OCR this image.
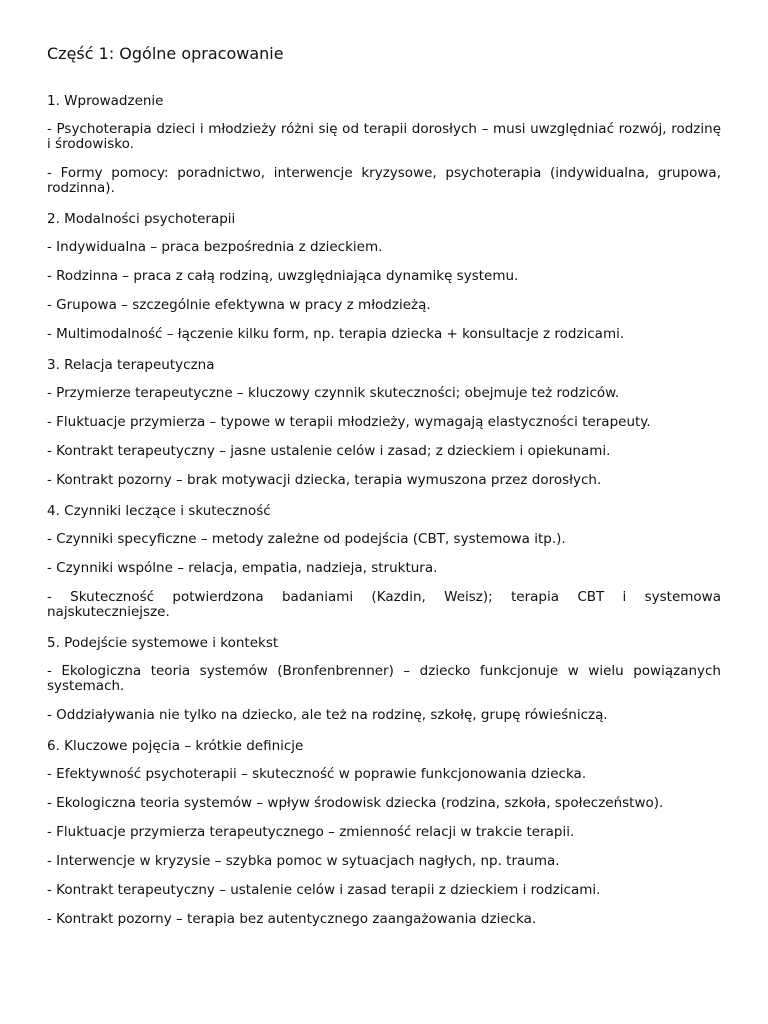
Część 1: Ogólne opracowanie
1. Wprowadzenie

- Psychoterapia dzieci i młodzieży różni się od terapii dorosłych – musi uwzględniać rozwój, rodzinę i środowisko.

- Formy pomocy: poradnictwo, interwencje kryzysowe, psychoterapia (indywidualna, grupowa, rodzinna).

2. Modalności psychoterapii

- Indywidualna – praca bezpośrednia z dzieckiem.

- Rodzinna – praca z całą rodziną, uwzględniająca dynamikę systemu.

- Grupowa – szczególnie efektywna w pracy z młodzieżą.

- Multimodalność – łączenie kilku form, np. terapia dziecka + konsultacje z rodzicami.

3. Relacja terapeutyczna

- Przymierze terapeutyczne – kluczowy czynnik skuteczności; obejmuje też rodziców.

- Fluktuacje przymierza – typowe w terapii młodzieży, wymagają elastyczności terapeuty.

- Kontrakt terapeutyczny – jasne ustalenie celów i zasad; z dzieckiem i opiekunami.

- Kontrakt pozorny – brak motywacji dziecka, terapia wymuszona przez dorosłych.

4. Czynniki leczące i skuteczność

- Czynniki specyficzne – metody zależne od podejścia (CBT, systemowa itp.).

- Czynniki wspólne – relacja, empatia, nadzieja, struktura.

- Skuteczność potwierdzona badaniami (Kazdin, Weisz); terapia CBT i systemowa najskuteczniejsze.

5. Podejście systemowe i kontekst

- Ekologiczna teoria systemów (Bronfenbrenner) – dziecko funkcjonuje w wielu powiązanych systemach.

- Oddziaływania nie tylko na dziecko, ale też na rodzinę, szkołę, grupę rówieśniczą.

6. Kluczowe pojęcia – krótkie definicje

- Efektywność psychoterapii – skuteczność w poprawie funkcjonowania dziecka.

- Ekologiczna teoria systemów – wpływ środowisk dziecka (rodzina, szkoła, społeczeństwo).

- Fluktuacje przymierza terapeutycznego – zmienność relacji w trakcie terapii.

- Interwencje w kryzysie – szybka pomoc w sytuacjach nagłych, np. trauma.

- Kontrakt terapeutyczny – ustalenie celów i zasad terapii z dzieckiem i rodzicami.

- Kontrakt pozorny – terapia bez autentycznego zaangażowania dziecka.
